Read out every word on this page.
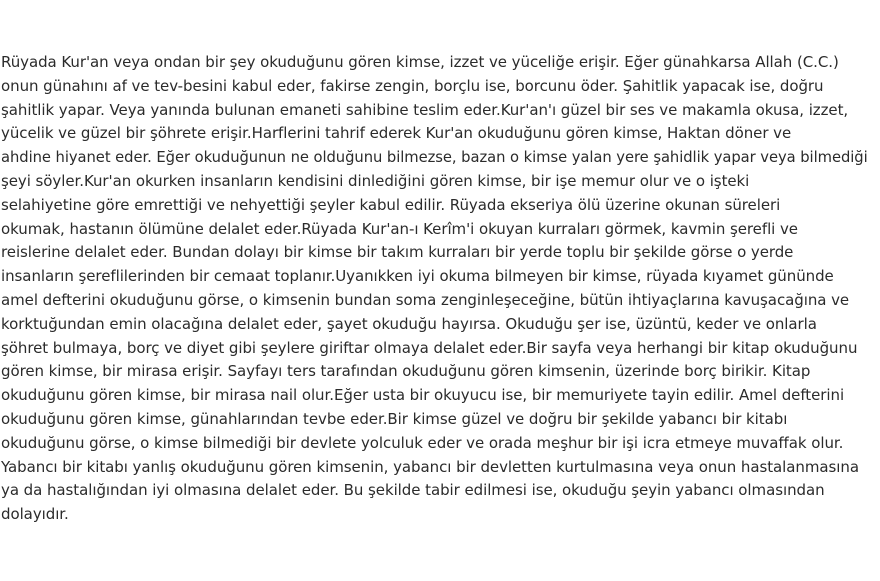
Rüyada Kur'an veya ondan bir şey okuduğunu gören kimse, izzet ve yüceliğe erişir. Eğer günahkarsa Allah (C.C.)
onun günahını af ve tev-besini kabul eder, fakirse zengin, borçlu ise, borcunu öder. Şahitlik yapacak ise, doğru
şahitlik yapar. Veya yanında bulunan emaneti sahibine teslim eder.Kur'an'ı güzel bir ses ve makamla okusa, izzet,
yücelik ve güzel bir şöhrete erişir.Harflerini tahrif ederek Kur'an okuduğunu gören kimse, Haktan döner ve
ahdine hiyanet eder. Eğer okuduğunun ne olduğunu bilmezse, bazan o kimse yalan yere şahidlik yapar veya bilmediği
şeyi söyler.Kur'an okurken insanların kendisini dinlediğini gören kimse, bir işe memur olur ve o işteki
selahiyetine göre emrettiği ve nehyettiği şeyler kabul edilir. Rüyada ekseriya ölü üzerine okunan süreleri
okumak, hastanın ölümüne delalet eder.Rüyada Kur'an-ı Kerîm'i okuyan kurraları görmek, kavmin şerefli ve
reislerine delalet eder. Bundan dolayı bir kimse bir takım kurraları bir yerde toplu bir şekilde görse o yerde
insanların şereflilerinden bir cemaat toplanır.Uyanıkken iyi okuma bilmeyen bir kimse, rüyada kıyamet gününde
amel defterini okuduğunu görse, o kimsenin bundan soma zenginleşeceğine, bütün ihtiyaçlarına kavuşacağına ve
korktuğundan emin olacağına delalet eder, şayet okuduğu hayırsa. Okuduğu şer ise, üzüntü, keder ve onlarla
şöhret bulmaya, borç ve diyet gibi şeylere giriftar olmaya delalet eder.Bir sayfa veya herhangi bir kitap okuduğunu
gören kimse, bir mirasa erişir. Sayfayı ters tarafından okuduğunu gören kimsenin, üzerinde borç birikir. Kitap
okuduğunu gören kimse, bir mirasa nail olur.Eğer usta bir okuyucu ise, bir memuriyete tayin edilir. Amel defterini
okuduğunu gören kimse, günahlarından tevbe eder.Bir kimse güzel ve doğru bir şekilde yabancı bir kitabı
okuduğunu görse, o kimse bilmediği bir devlete yolculuk eder ve orada meşhur bir işi icra etmeye muvaffak olur.
Yabancı bir kitabı yanlış okuduğunu gören kimsenin, yabancı bir devletten kurtulmasına veya onun hastalanmasına
ya da hastalığından iyi olmasına delalet eder. Bu şekilde tabir edilmesi ise, okuduğu şeyin yabancı olmasından
dolayıdır.
